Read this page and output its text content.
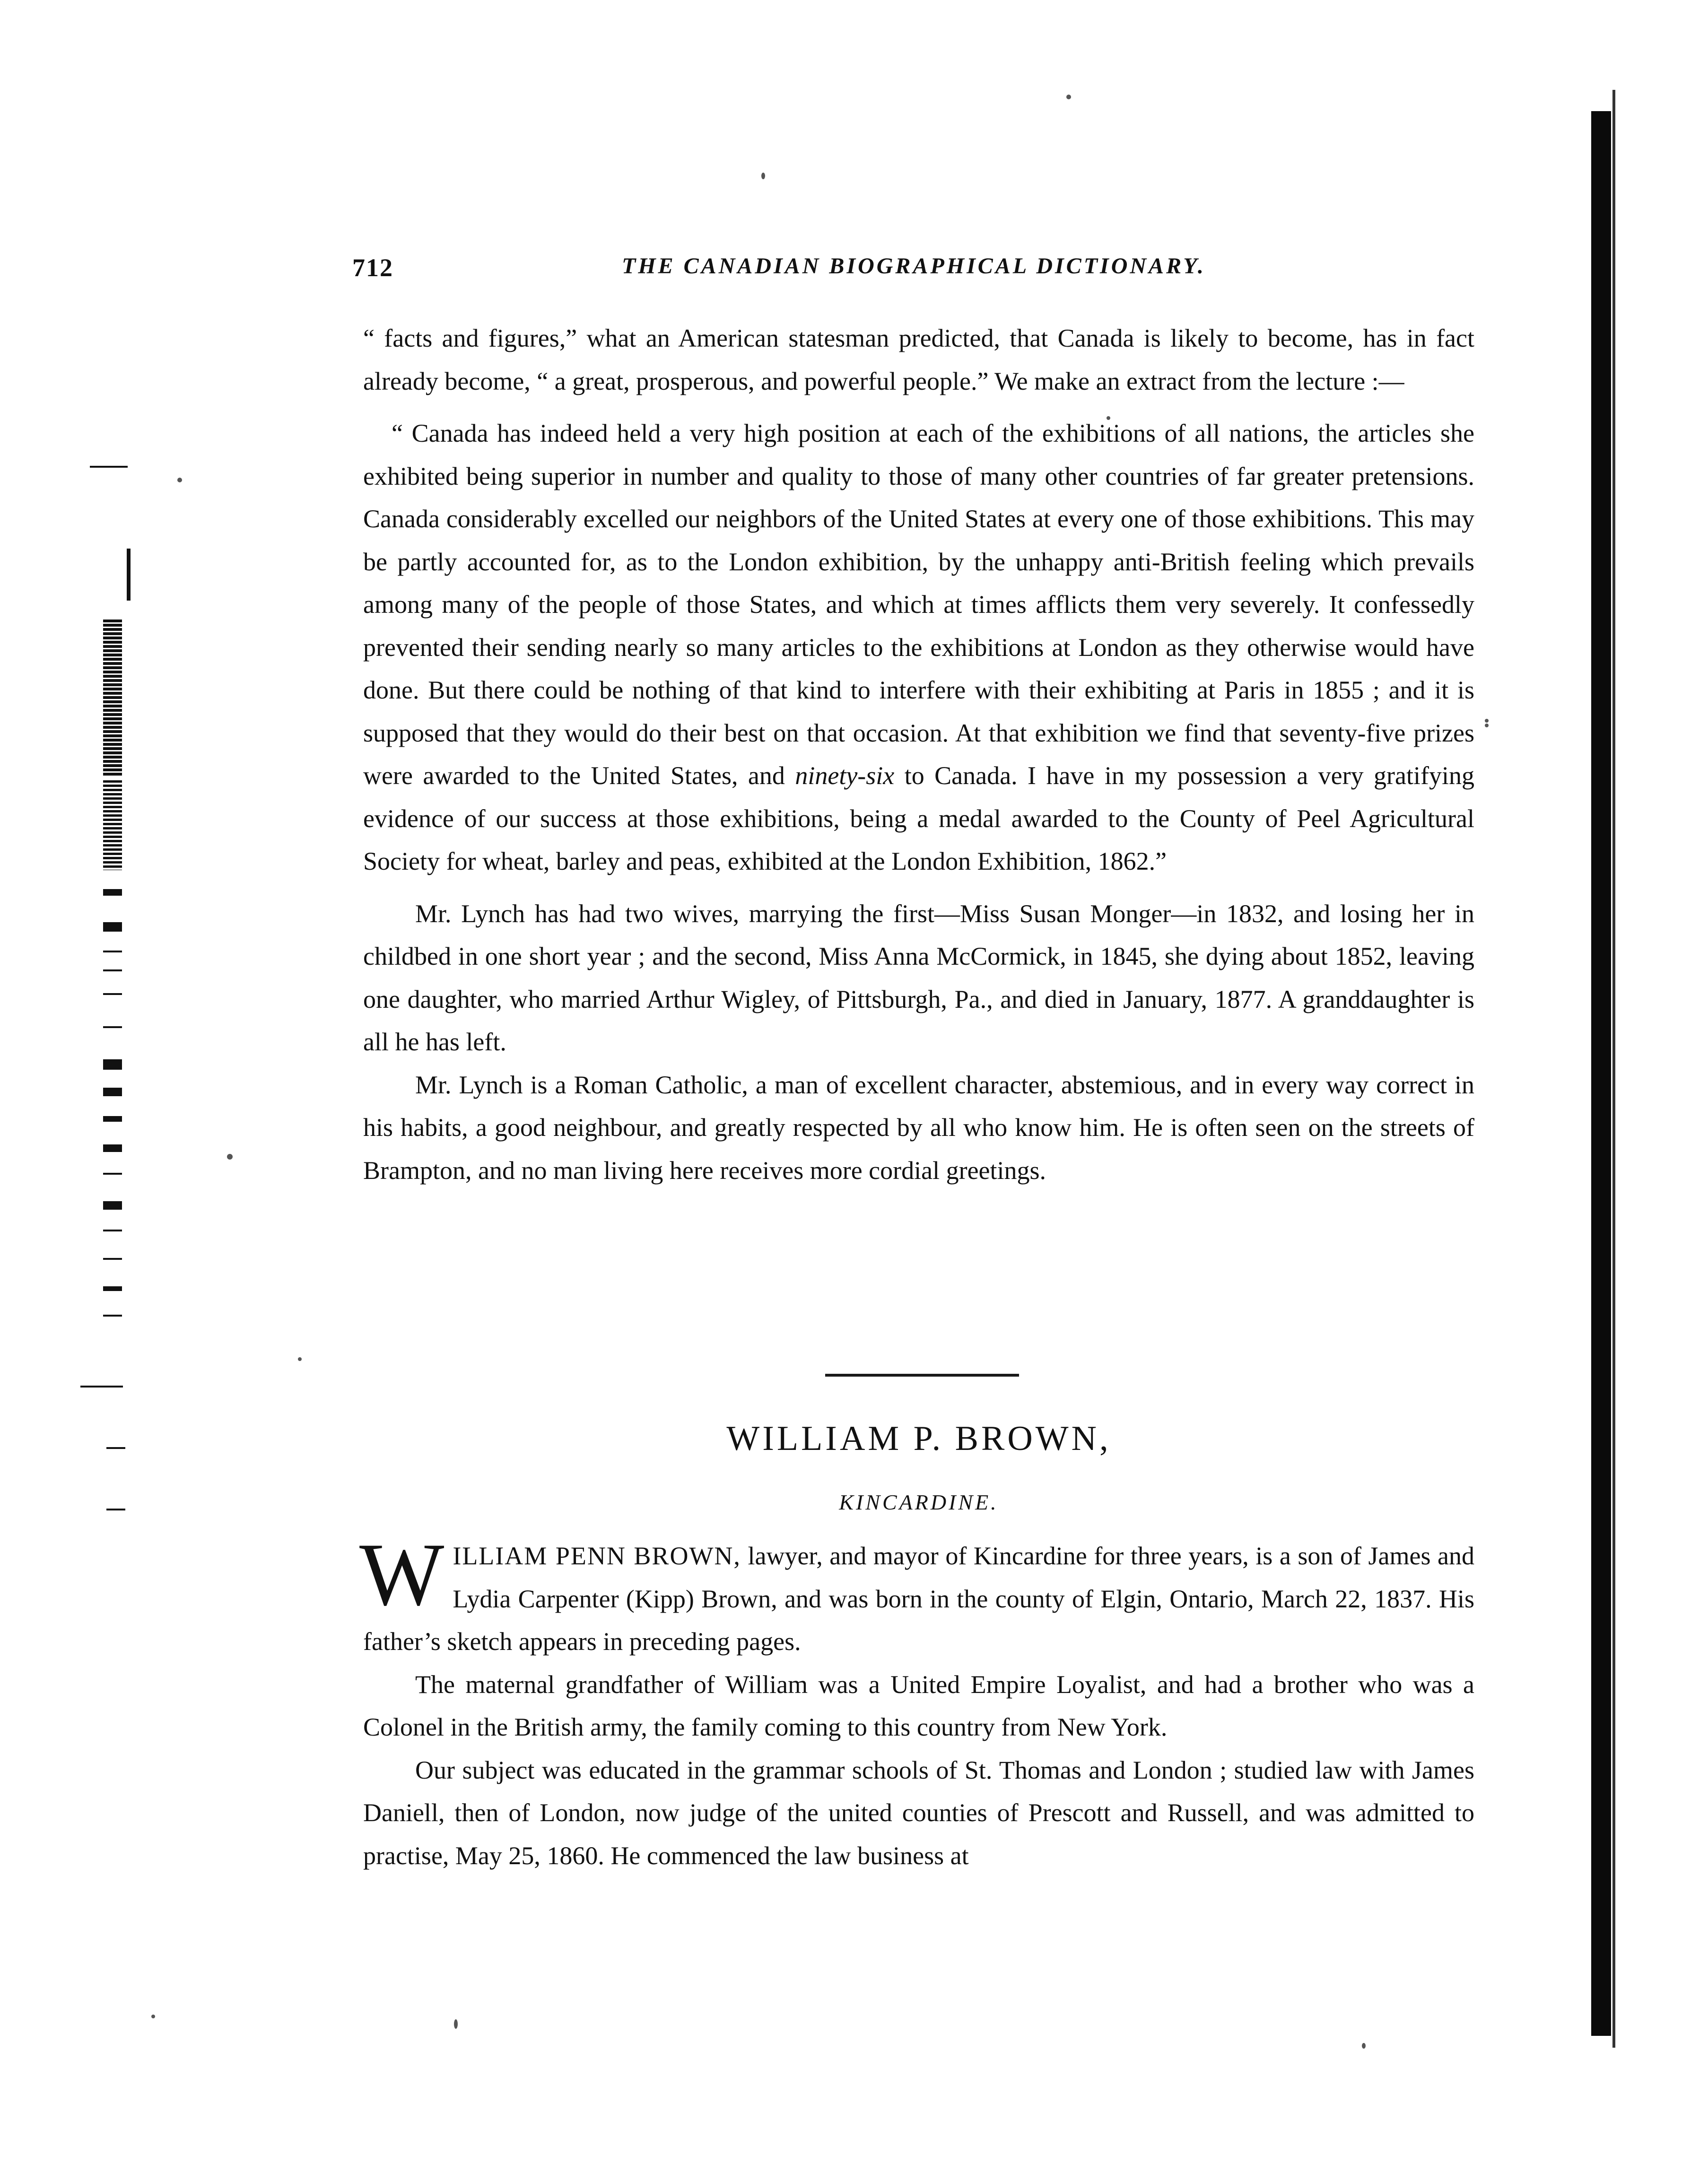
712	THE CANADIAN BIOGRAPHICAL DICTIONARY.

“ facts and figures,” what an American statesman predicted, that Canada is likely to become, has in fact already become, “ a great, prosperous, and powerful people.” We make an extract from the lecture :—

“ Canada has indeed held a very high position at each of the exhibitions of all nations, the articles she exhibited being superior in number and quality to those of many other countries of far greater pretensions. Canada considerably excelled our neighbors of the United States at every one of those exhibitions. This may be partly accounted for, as to the London exhibition, by the unhappy anti-British feeling which prevails among many of the people of those States, and which at times afflicts them very severely. It confessedly prevented their sending nearly so many articles to the exhibitions at London as they otherwise would have done. But there could be nothing of that kind to interfere with their exhibiting at Paris in 1855 ; and it is supposed that they would do their best on that occasion. At that exhibition we find that seventy-five prizes were awarded to the United States, and ninety-six to Canada. I have in my possession a very gratifying evidence of our success at those exhibitions, being a medal awarded to the County of Peel Agricultural Society for wheat, barley and peas, exhibited at the London Exhibition, 1862.”

Mr. Lynch has had two wives, marrying the first—Miss Susan Monger—in 1832, and losing her in childbed in one short year ; and the second, Miss Anna McCormick, in 1845, she dying about 1852, leaving one daughter, who married Arthur Wigley, of Pittsburgh, Pa., and died in January, 1877. A granddaughter is all he has left.

Mr. Lynch is a Roman Catholic, a man of excellent character, abstemious, and in every way correct in his habits, a good neighbour, and greatly respected by all who know him. He is often seen on the streets of Brampton, and no man living here receives more cordial greetings.

WILLIAM P. BROWN,
KINCARDINE.

WILLIAM PENN BROWN, lawyer, and mayor of Kincardine for three years, is a son of James and Lydia Carpenter (Kipp) Brown, and was born in the county of Elgin, Ontario, March 22, 1837. His father’s sketch appears in preceding pages.

The maternal grandfather of William was a United Empire Loyalist, and had a brother who was a Colonel in the British army, the family coming to this country from New York.

Our subject was educated in the grammar schools of St. Thomas and London ; studied law with James Daniell, then of London, now judge of the united counties of Prescott and Russell, and was admitted to practise, May 25, 1860. He commenced the law business at
